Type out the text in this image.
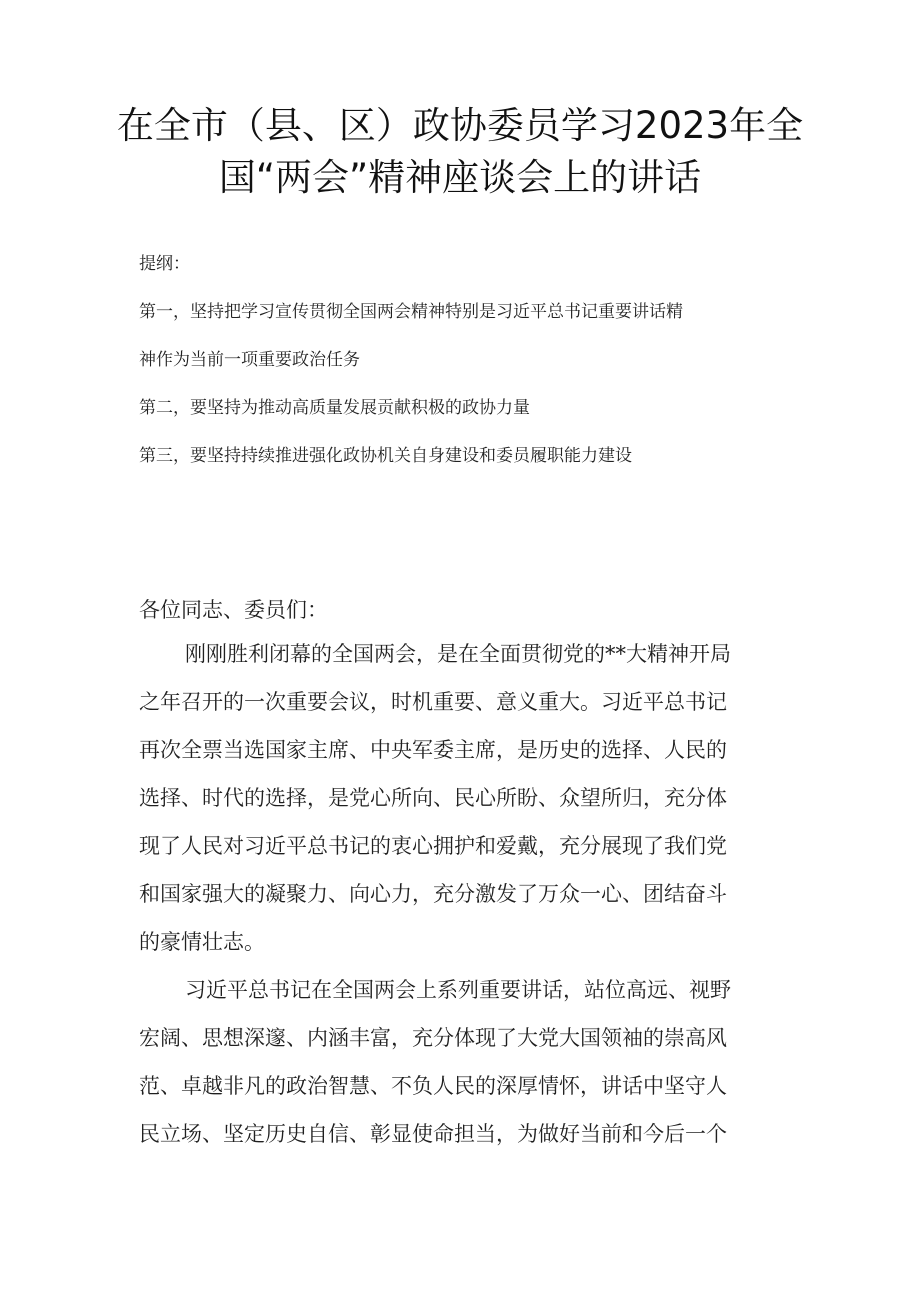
在全市（县、区）政协委员学习2023年全
国“两会”精神座谈会上的讲话
提纲：
第一，坚持把学习宣传贯彻全国两会精神特别是习近平总书记重要讲话精
神作为当前一项重要政治任务
第二，要坚持为推动高质量发展贡献积极的政协力量
第三，要坚持持续推进强化政协机关自身建设和委员履职能力建设
各位同志、委员们：
刚刚胜利闭幕的全国两会，是在全面贯彻党的**大精神开局
之年召开的一次重要会议，时机重要、意义重大。习近平总书记
再次全票当选国家主席、中央军委主席，是历史的选择、人民的
选择、时代的选择，是党心所向、民心所盼、众望所归，充分体
现了人民对习近平总书记的衷心拥护和爱戴，充分展现了我们党
和国家强大的凝聚力、向心力，充分激发了万众一心、团结奋斗
的豪情壮志。
习近平总书记在全国两会上系列重要讲话，站位高远、视野
宏阔、思想深邃、内涵丰富，充分体现了大党大国领袖的崇高风
范、卓越非凡的政治智慧、不负人民的深厚情怀，讲话中坚守人
民立场、坚定历史自信、彰显使命担当，为做好当前和今后一个
